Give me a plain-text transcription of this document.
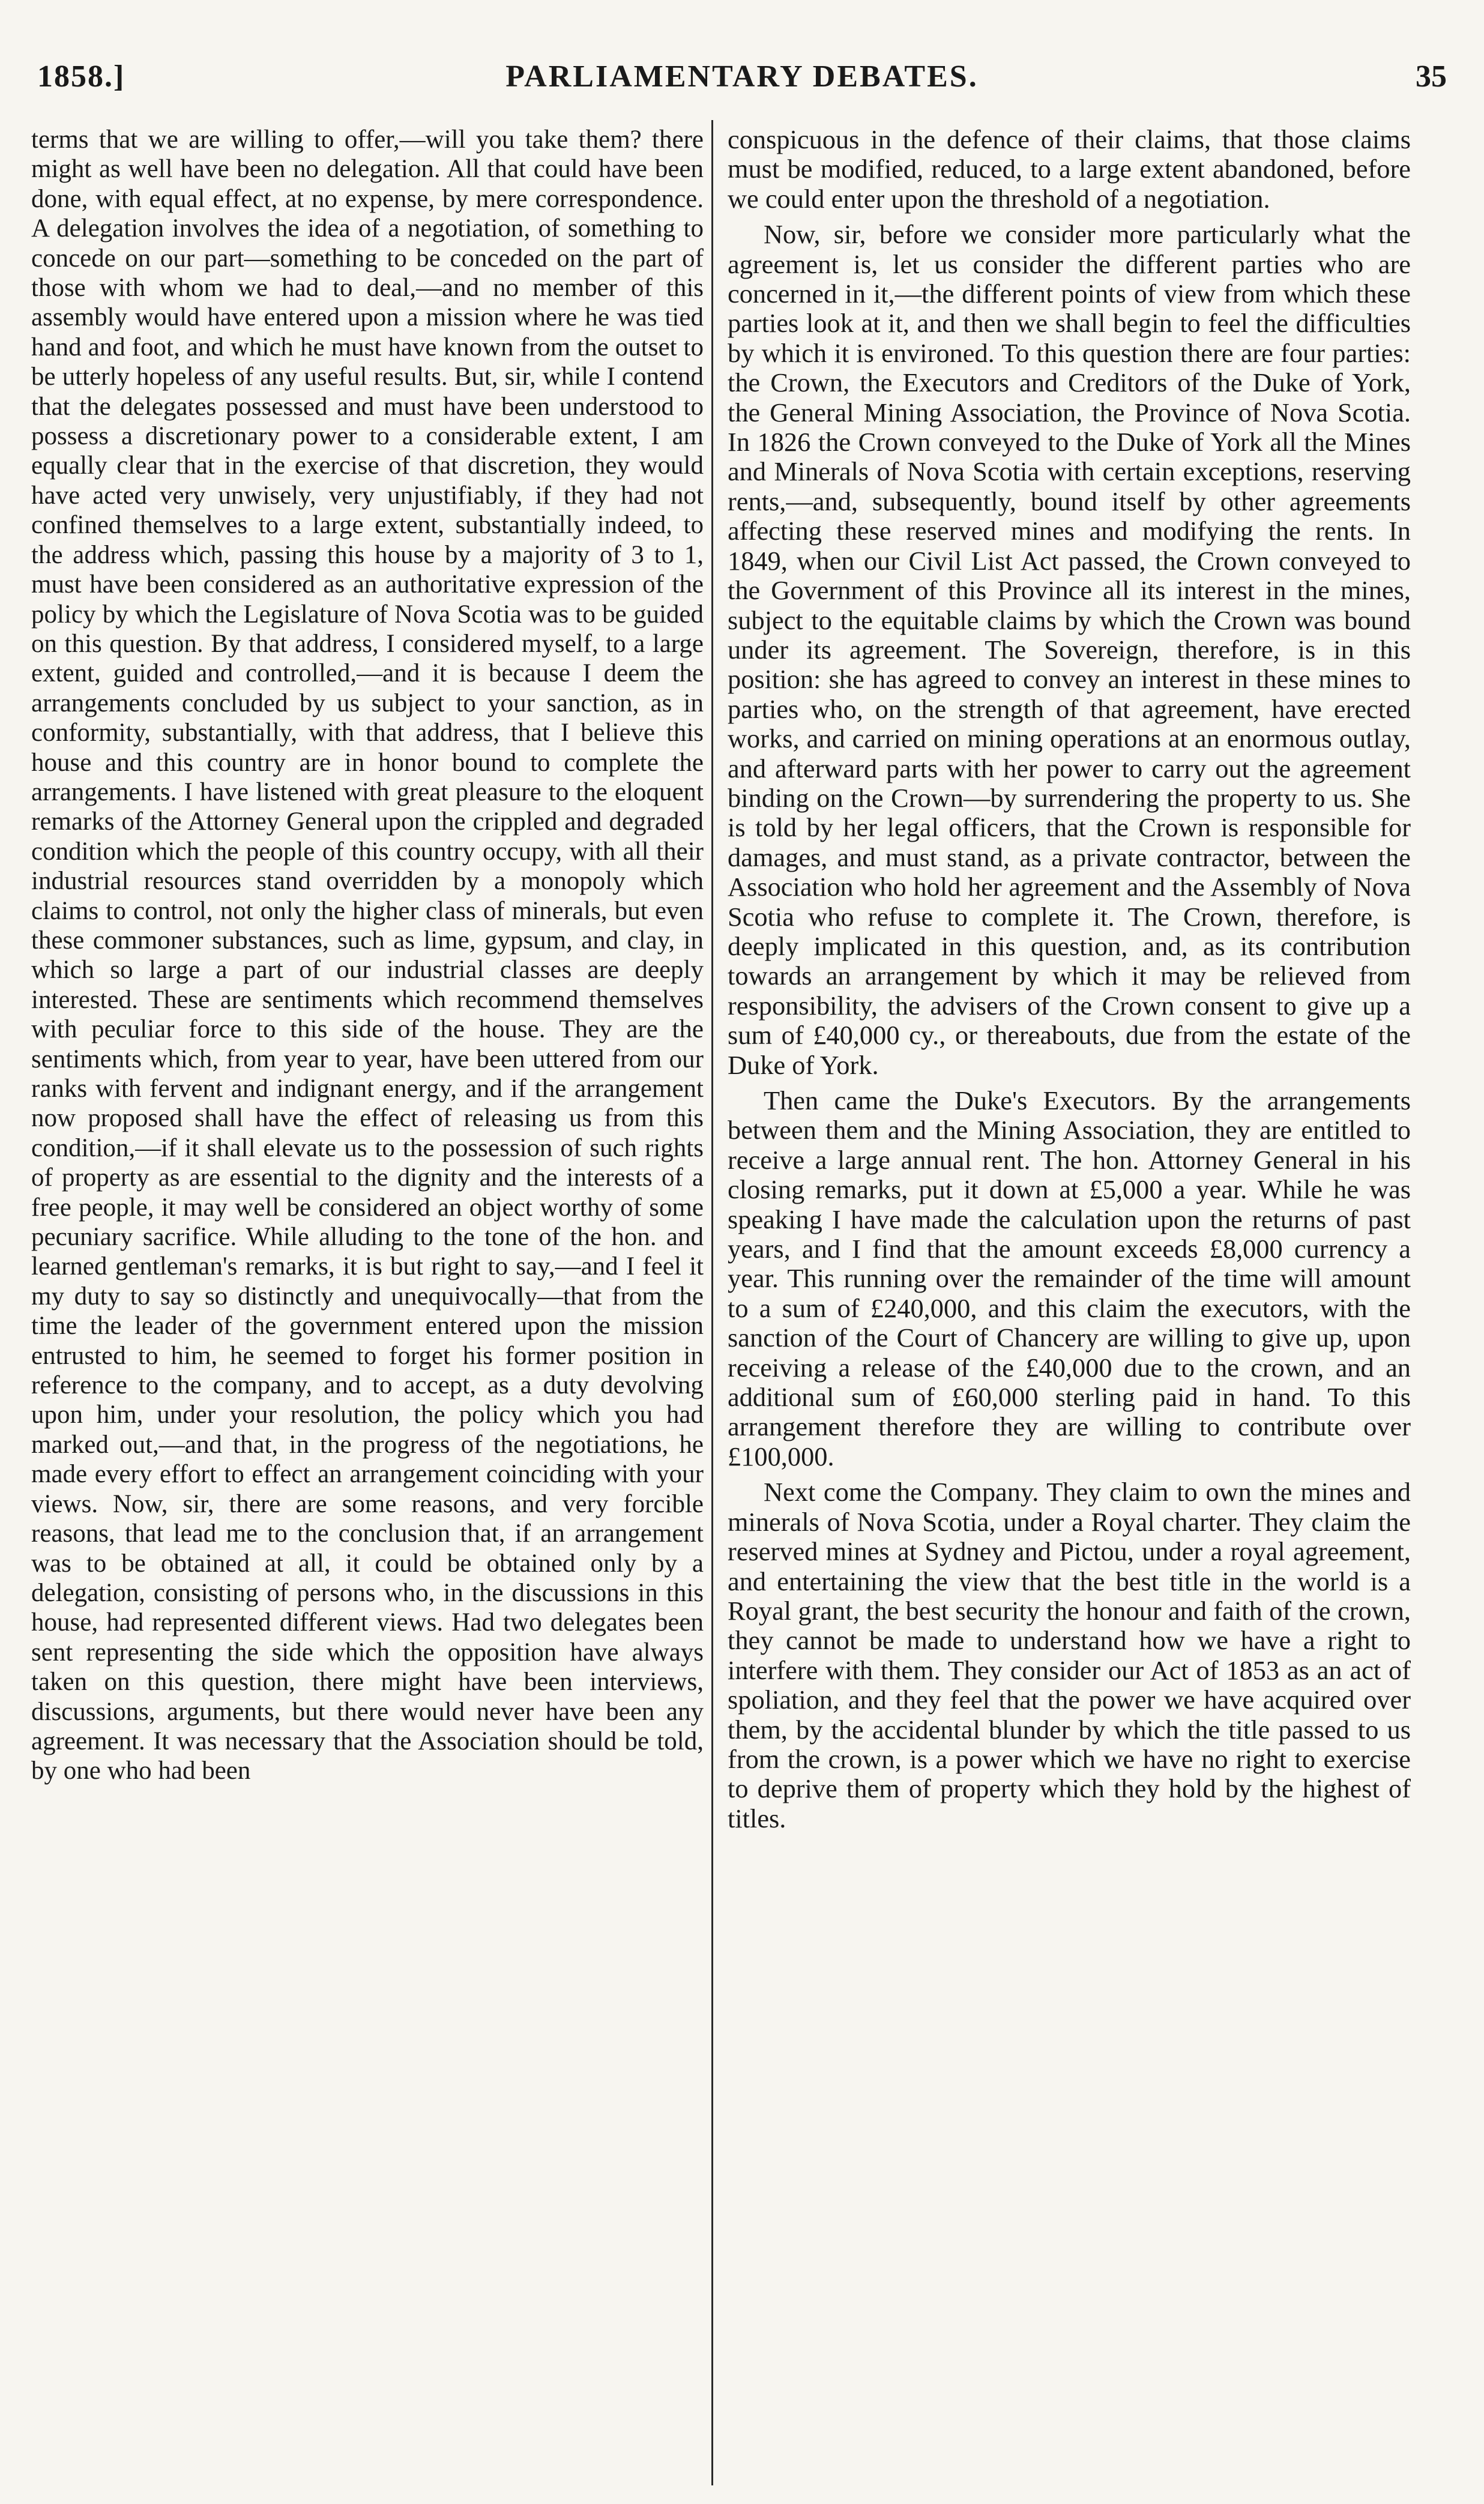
1858.]	PARLIAMENTARY DEBATES.	35

terms that we are willing to offer,—will you take them? there might as well have been no delegation. All that could have been done, with equal effect, at no expense, by mere correspondence. A delegation involves the idea of a negotiation, of something to concede on our part—something to be conceded on the part of those with whom we had to deal,—and no member of this assembly would have entered upon a mission where he was tied hand and foot, and which he must have known from the outset to be utterly hopeless of any useful results. But, sir, while I contend that the delegates possessed and must have been understood to possess a discretionary power to a considerable extent, I am equally clear that in the exercise of that discretion, they would have acted very unwisely, very unjustifiably, if they had not confined themselves to a large extent, substantially indeed, to the address which, passing this house by a majority of 3 to 1, must have been considered as an authoritative expression of the policy by which the Legislature of Nova Scotia was to be guided on this question. By that address, I considered myself, to a large extent, guided and controlled,—and it is because I deem the arrangements concluded by us subject to your sanction, as in conformity, substantially, with that address, that I believe this house and this country are in honor bound to complete the arrangements. I have listened with great pleasure to the eloquent remarks of the Attorney General upon the crippled and degraded condition which the people of this country occupy, with all their industrial resources stand overridden by a monopoly which claims to control, not only the higher class of minerals, but even these commoner substances, such as lime, gypsum, and clay, in which so large a part of our industrial classes are deeply interested. These are sentiments which recommend themselves with peculiar force to this side of the house. They are the sentiments which, from year to year, have been uttered from our ranks with fervent and indignant energy, and if the arrangement now proposed shall have the effect of releasing us from this condition,—if it shall elevate us to the possession of such rights of property as are essential to the dignity and the interests of a free people, it may well be considered an object worthy of some pecuniary sacrifice. While alluding to the tone of the hon. and learned gentleman's remarks, it is but right to say,—and I feel it my duty to say so distinctly and unequivocally—that from the time the leader of the government entered upon the mission entrusted to him, he seemed to forget his former position in reference to the company, and to accept, as a duty devolving upon him, under your resolution, the policy which you had marked out,—and that, in the progress of the negotiations, he made every effort to effect an arrangement coinciding with your views. Now, sir, there are some reasons, and very forcible reasons, that lead me to the conclusion that, if an arrangement was to be obtained at all, it could be obtained only by a delegation, consisting of persons who, in the discussions in this house, had represented different views. Had two delegates been sent representing the side which the opposition have always taken on this question, there might have been interviews, discussions, arguments, but there would never have been any agreement. It was necessary that the Association should be told, by one who had been

conspicuous in the defence of their claims, that those claims must be modified, reduced, to a large extent abandoned, before we could enter upon the threshold of a negotiation.

Now, sir, before we consider more particularly what the agreement is, let us consider the different parties who are concerned in it,—the different points of view from which these parties look at it, and then we shall begin to feel the difficulties by which it is environed. To this question there are four parties: the Crown, the Executors and Creditors of the Duke of York, the General Mining Association, the Province of Nova Scotia. In 1826 the Crown conveyed to the Duke of York all the Mines and Minerals of Nova Scotia with certain exceptions, reserving rents,—and, subsequently, bound itself by other agreements affecting these reserved mines and modifying the rents. In 1849, when our Civil List Act passed, the Crown conveyed to the Government of this Province all its interest in the mines, subject to the equitable claims by which the Crown was bound under its agreement. The Sovereign, therefore, is in this position: she has agreed to convey an interest in these mines to parties who, on the strength of that agreement, have erected works, and carried on mining operations at an enormous outlay, and afterward parts with her power to carry out the agreement binding on the Crown—by surrendering the property to us. She is told by her legal officers, that the Crown is responsible for damages, and must stand, as a private contractor, between the Association who hold her agreement and the Assembly of Nova Scotia who refuse to complete it. The Crown, therefore, is deeply implicated in this question, and, as its contribution towards an arrangement by which it may be relieved from responsibility, the advisers of the Crown consent to give up a sum of £40,000 cy., or thereabouts, due from the estate of the Duke of York.

Then came the Duke's Executors. By the arrangements between them and the Mining Association, they are entitled to receive a large annual rent. The hon. Attorney General in his closing remarks, put it down at £5,000 a year. While he was speaking I have made the calculation upon the returns of past years, and I find that the amount exceeds £8,000 currency a year. This running over the remainder of the time will amount to a sum of £240,000, and this claim the executors, with the sanction of the Court of Chancery are willing to give up, upon receiving a release of the £40,000 due to the crown, and an additional sum of £60,000 sterling paid in hand. To this arrangement therefore they are willing to contribute over £100,000.

Next come the Company. They claim to own the mines and minerals of Nova Scotia, under a Royal charter. They claim the reserved mines at Sydney and Pictou, under a royal agreement, and entertaining the view that the best title in the world is a Royal grant, the best security the honour and faith of the crown, they cannot be made to understand how we have a right to interfere with them. They consider our Act of 1853 as an act of spoliation, and they feel that the power we have acquired over them, by the accidental blunder by which the title passed to us from the crown, is a power which we have no right to exercise to deprive them of property which they hold by the highest of titles.
